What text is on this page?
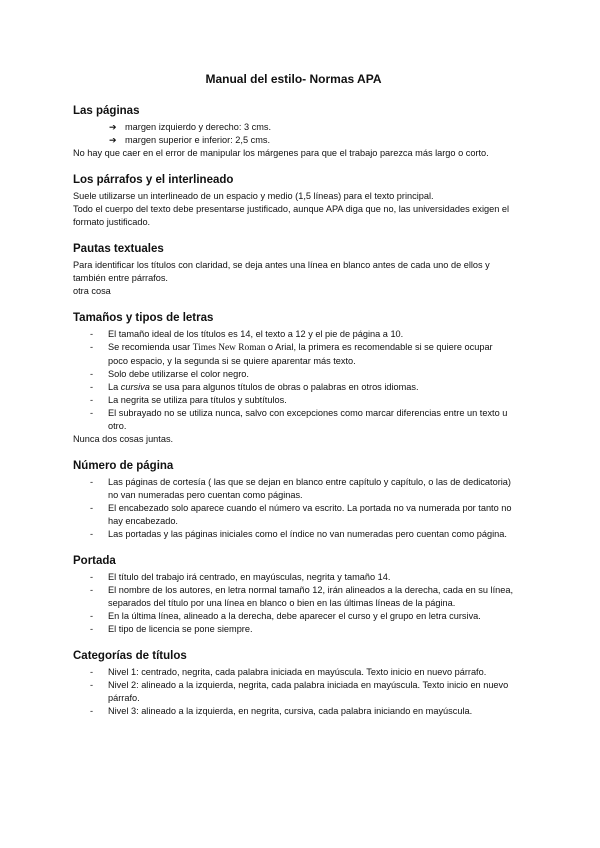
Manual del estilo- Normas APA
Las páginas
➔ margen izquierdo y derecho: 3 cms.
➔ margen superior e inferior: 2,5 cms.

No hay que caer en el error de manipular los márgenes para que el trabajo parezca más largo o corto.

Los párrafos y el interlineado

Suele utilizarse un interlineado de un espacio y medio (1,5 líneas) para el texto principal.

Todo el cuerpo del texto debe presentarse justificado, aunque APA diga que no, las universidades exigen el formato justificado.

Pautas textuales

Para identificar los títulos con claridad, se deja antes una línea en blanco antes de cada uno de ellos y también entre párrafos.

otra cosa

Tamaños y tipos de letras
- El tamaño ideal de los títulos es 14, el texto a 12 y el pie de página a 10.
- Se recomienda usar Times New Roman o Arial, la primera es recomendable si se quiere ocupar poco espacio, y la segunda si se quiere aparentar más texto.
- Solo debe utilizarse el color negro.
- La cursiva se usa para algunos títulos de obras o palabras en otros idiomas.
- La negrita se utiliza para títulos y subtítulos.
- El subrayado no se utiliza nunca, salvo con excepciones como marcar diferencias entre un texto u otro.

Nunca dos cosas juntas.

Número de página
- Las páginas de cortesía ( las que se dejan en blanco entre capítulo y capítulo, o las de dedicatoria) no van numeradas pero cuentan como páginas.
- El encabezado solo aparece cuando el número va escrito. La portada no va numerada por tanto no hay encabezado.
- Las portadas y las páginas iniciales como el índice no van numeradas pero cuentan como página.
Portada
- El título del trabajo irá centrado, en mayúsculas, negrita y tamaño 14.
- El nombre de los autores, en letra normal tamaño 12, irán alineados a la derecha, cada en su línea, separados del título por una línea en blanco o bien en las últimas líneas de la página.
- En la última línea, alineado a la derecha, debe aparecer el curso y el grupo en letra cursiva.
- El tipo de licencia se pone siempre.
Categorías de títulos
- Nivel 1: centrado, negrita, cada palabra iniciada en mayúscula. Texto inicio en nuevo párrafo.
- Nivel 2: alineado a la izquierda, negrita, cada palabra iniciada en mayúscula. Texto inicio en nuevo párrafo.
- Nivel 3: alineado a la izquierda, en negrita, cursiva, cada palabra iniciando en mayúscula.
